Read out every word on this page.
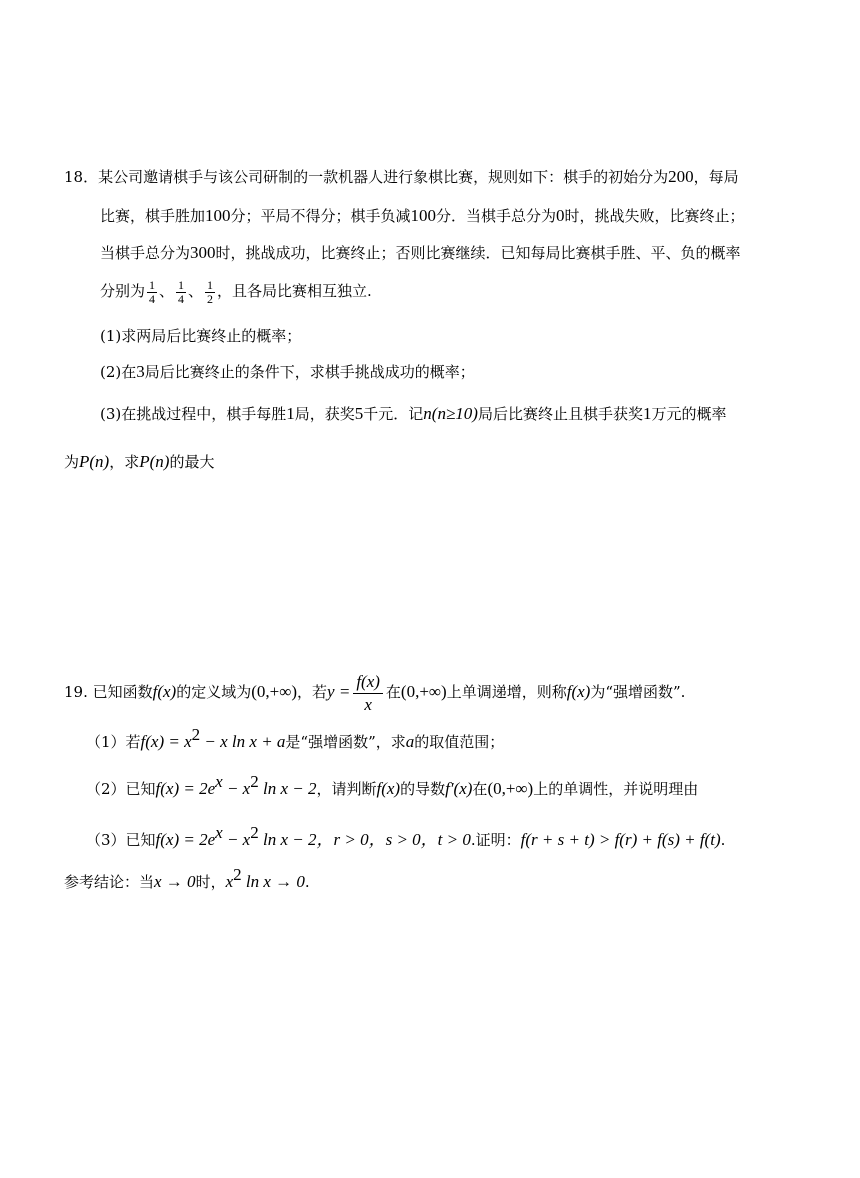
18．某公司邀请棋手与该公司研制的一款机器人进行象棋比赛，规则如下：棋手的初始分为200，每局
比赛，棋手胜加100分；平局不得分；棋手负减100分．当棋手总分为0时，挑战失败，比赛终止；
当棋手总分为300时，挑战成功，比赛终止；否则比赛继续．已知每局比赛棋手胜、平、负的概率
分别为 $\frac{1}{4}$ 、 $\frac{1}{4}$ 、 $\frac{1}{2}$ ，且各局比赛相互独立.
(1)求两局后比赛终止的概率；
(2)在3局后比赛终止的条件下，求棋手挑战成功的概率；
(3)在挑战过程中，棋手每胜1局，获奖5千元．记n(n≥10)局后比赛终止且棋手获奖1万元的概率
为P(n)，求P(n)的最大
19. 已知函数f(x)的定义域为(0,+∞)，若$y = \frac{f(x)}{x}$ 在(0,+∞)上单调递增，则称f(x)为“强增函数”.
（1）若$f(x) = x^2 - x$ ln x + a是“强增函数”，求a的取值范围；
（2）已知$f(x) = 2e^x - x^2$ ln x − 2，请判断f(x)的导数f′(x)在(0,+∞)上的单调性，并说明理由
（3）已知$f(x) = 2e^x - x^2$ ln x − 2，r > 0，s > 0，t > 0.证明：f(r + s + t) > f(r) + f(s) + f(t).
参考结论：当x → 0时，$x^2$ ln x → 0.
